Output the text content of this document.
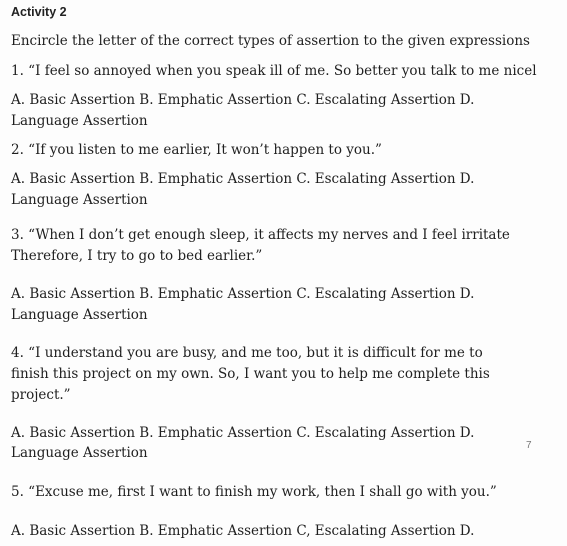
Activity 2
Encircle the letter of the correct types of assertion to the given expressions
1. “I feel so annoyed when you speak ill of me. So better you talk to me nicel
A. Basic Assertion B. Emphatic Assertion C. Escalating Assertion D.
Language Assertion
2. “If you listen to me earlier, It won’t happen to you.”
A. Basic Assertion B. Emphatic Assertion C. Escalating Assertion D.
Language Assertion
3. “When I don’t get enough sleep, it affects my nerves and I feel irritate
Therefore, I try to go to bed earlier.”
A. Basic Assertion B. Emphatic Assertion C. Escalating Assertion D.
Language Assertion
4. “I understand you are busy, and me too, but it is difficult for me to
finish this project on my own. So, I want you to help me complete this
project.”
A. Basic Assertion B. Emphatic Assertion C. Escalating Assertion D.
Language Assertion	7
5. “Excuse me, first I want to finish my work, then I shall go with you.”
A. Basic Assertion B. Emphatic Assertion C, Escalating Assertion D.
